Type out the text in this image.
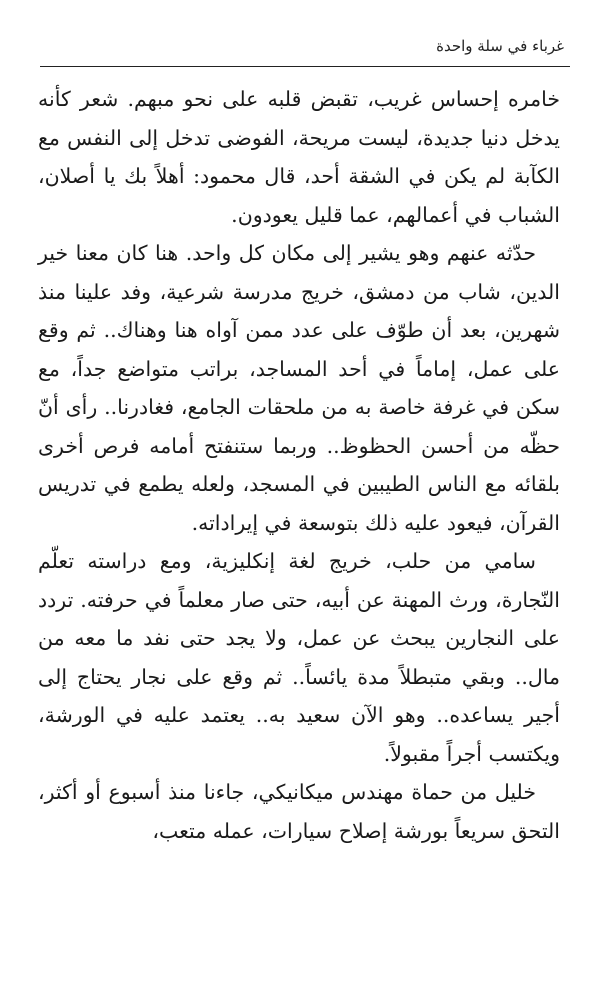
غرباء في سلة واحدة

خامره إحساس غريب، تقبض قلبه على نحو مبهم. شعر كأنه يدخل دنيا جديدة، ليست مريحة، الفوضى تدخل إلى النفس مع الكآبة لم يكن في الشقة أحد، قال محمود: أهلاً بك يا أصلان، الشباب في أعمالهم، عما قليل يعودون.

حدّثه عنهم وهو يشير إلى مكان كل واحد. هنا كان معنا خير الدين، شاب من دمشق، خريج مدرسة شرعية، وفد علينا منذ شهرين، بعد أن طوّف على عدد ممن آواه هنا وهناك.. ثم وقع على عمل، إماماً في أحد المساجد، براتب متواضع جداً، مع سكن في غرفة خاصة به من ملحقات الجامع، فغادرنا.. رأى أنّ حظّه من أحسن الحظوظ.. وربما ستنفتح أمامه فرص أخرى بلقائه مع الناس الطيبين في المسجد، ولعله يطمع في تدريس القرآن، فيعود عليه ذلك بتوسعة في إيراداته.

سامي من حلب، خريج لغة إنكليزية، ومع دراسته تعلّم النّجارة، ورث المهنة عن أبيه، حتى صار معلماً في حرفته. تردد على النجارين يبحث عن عمل، ولا يجد حتى نفد ما معه من مال.. وبقي متبطلاً مدة يائساً.. ثم وقع على نجار يحتاج إلى أجير يساعده.. وهو الآن سعيد به.. يعتمد عليه في الورشة، ويكتسب أجراً مقبولاً.

خليل من حماة مهندس ميكانيكي، جاءنا منذ أسبوع أو أكثر، التحق سريعاً بورشة إصلاح سيارات، عمله متعب،
